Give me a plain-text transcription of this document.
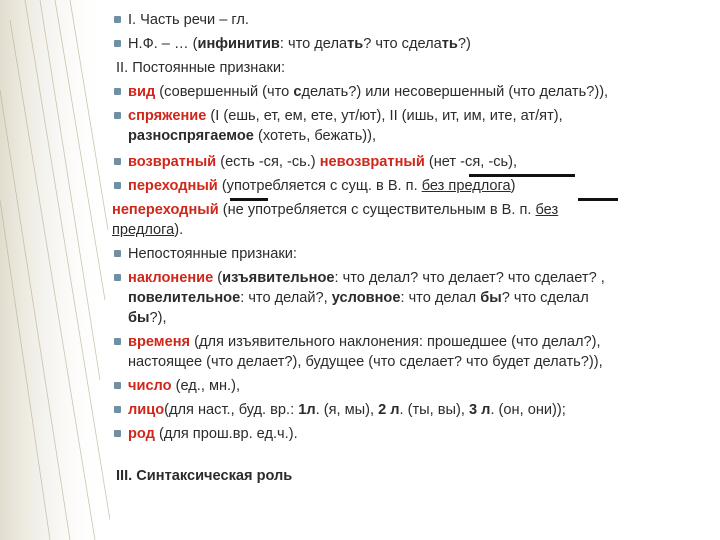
I. Часть речи – гл.
Н.Ф. – … (инфинитив: что делать? что сделать?)
II. Постоянные признаки:
вид (совершенный (что сделать?) или несовершенный (что делать?)),
спряжение (I (ешь, ет, ем, ете, ут/ют), II (ишь, ит, им, ите, ат/ят),
разноспрягаемое (хотеть, бежать)),
возвратный (есть -ся, -сь.) невозвратный (нет -ся, -сь),
переходный (употребляется с сущ. в В. п. без предлога)
непереходный (не употребляется с существительным в В. п. без
предлога).
Непостоянные признаки:
наклонение (изъявительное: что делал? что делает? что сделает? ,
повелительное: что делай?, условное: что делал бы? что сделал
бы?),
временя (для изъявительного наклонения: прошедшее (что делал?),
настоящее (что делает?), будущее (что сделает? что будет делать?)),
число (ед., мн.),
лицо(для наст., буд. вр.: 1л. (я, мы), 2 л. (ты, вы), 3 л. (он, они));
род (для прош.вр. ед.ч.).
III. Синтаксическая роль
